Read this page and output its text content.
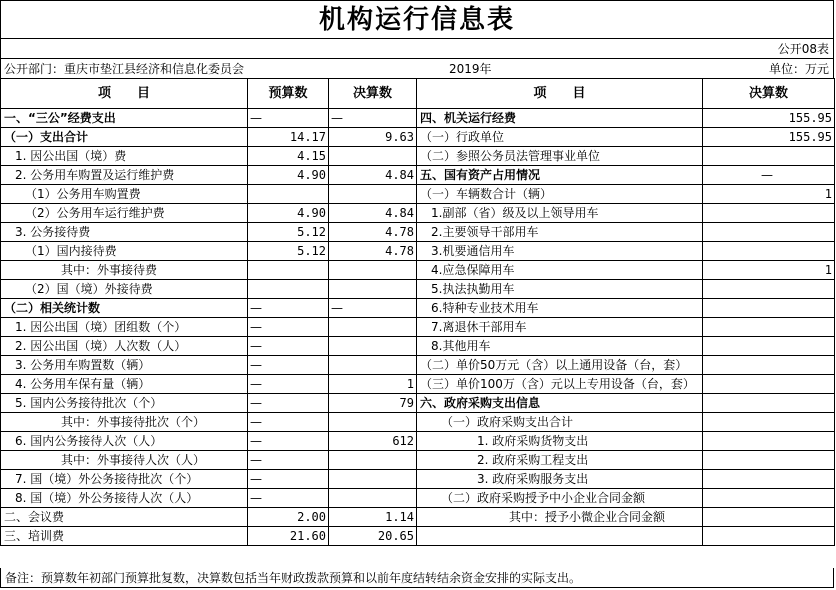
机构运行信息表
公开08表
公开部门：重庆市垫江县经济和信息化委员会	2019年	单位：万元
项　　目	预算数	决算数	项　　目	决算数
一、“三公”经费支出	—	—	四、机关运行经费	155.95
（一）支出合计	14.17	9.63	（一）行政单位	155.95
1. 因公出国（境）费	4.15		（二）参照公务员法管理事业单位	
2. 公务用车购置及运行维护费	4.90	4.84	五、国有资产占用情况	—
（1）公务用车购置费			（一）车辆数合计（辆）	1
（2）公务用车运行维护费	4.90	4.84	1.副部（省）级及以上领导用车	
3. 公务接待费	5.12	4.78	2.主要领导干部用车	
（1）国内接待费	5.12	4.78	3.机要通信用车	
其中：外事接待费			4.应急保障用车	1
（2）国（境）外接待费			5.执法执勤用车	
（二）相关统计数	—	—	6.特种专业技术用车	
1. 因公出国（境）团组数（个）	—		7.离退休干部用车	
2. 因公出国（境）人次数（人）	—		8.其他用车	
3. 公务用车购置数（辆）	—		（二）单价50万元（含）以上通用设备（台，套）	
4. 公务用车保有量（辆）	—	1	（三）单价100万（含）元以上专用设备（台，套）	
5. 国内公务接待批次（个）	—	79	六、政府采购支出信息	
其中：外事接待批次（个）	—		（一）政府采购支出合计	
6. 国内公务接待人次（人）	—	612	1. 政府采购货物支出	
其中：外事接待人次（人）	—		2. 政府采购工程支出	
7. 国（境）外公务接待批次（个）	—		3. 政府采购服务支出	
8. 国（境）外公务接待人次（人）	—		（二）政府采购授予中小企业合同金额	
二、会议费	2.00	1.14	其中：授予小微企业合同金额	
三、培训费	21.60	20.65		
备注：预算数年初部门预算批复数，决算数包括当年财政拨款预算和以前年度结转结余资金安排的实际支出。
